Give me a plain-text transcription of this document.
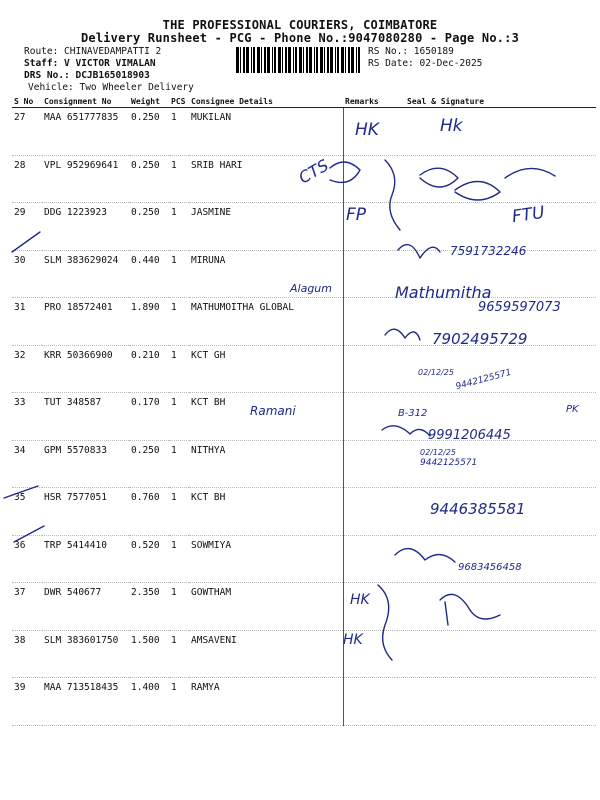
THE PROFESSIONAL COURIERS, COIMBATORE
Delivery Runsheet - PCG - Phone No.:9047080280 - Page No.:3
Route: CHINAVEDAMPATTI 2
Staff: V VICTOR VIMALAN
DRS No.: DCJB165018903
Vehicle: Two Wheeler Delivery
RS No.: 1650189
RS Date: 02-Dec-2025
S No	Consignment No	Weight	PCS	Consignee Details	Remarks	Seal & Signature
27	MAA 651777835	0.250	1	MUKILAN		
28	VPL 952969641	0.250	1	SRIB HARI		
29	DDG 1223923	0.250	1	JASMINE		
30	SLM 383629024	0.440	1	MIRUNA		
31	PRO 18572401	1.890	1	MATHUMOITHA GLOBAL		
32	KRR 50366900	0.210	1	KCT GH		
33	TUT 348587	0.170	1	KCT BH		
34	GPM 5570833	0.250	1	NITHYA		
35	HSR 7577051	0.760	1	KCT BH		
36	TRP 5414410	0.520	1	SOWMIYA		
37	DWR 540677	2.350	1	GOWTHAM		
38	SLM 383601750	1.500	1	AMSAVENI		
39	MAA 713518435	1.400	1	RAMYA		
HK	Hk
CTS
FP	FTU
7591732246
Alagum	Mathumitha
9659597073
7902495729
02/12/25 9442125571
Ramani	B-312	PK
9991206445
02/12/25
9442125571
9446385581
9683456458
HK
HK
